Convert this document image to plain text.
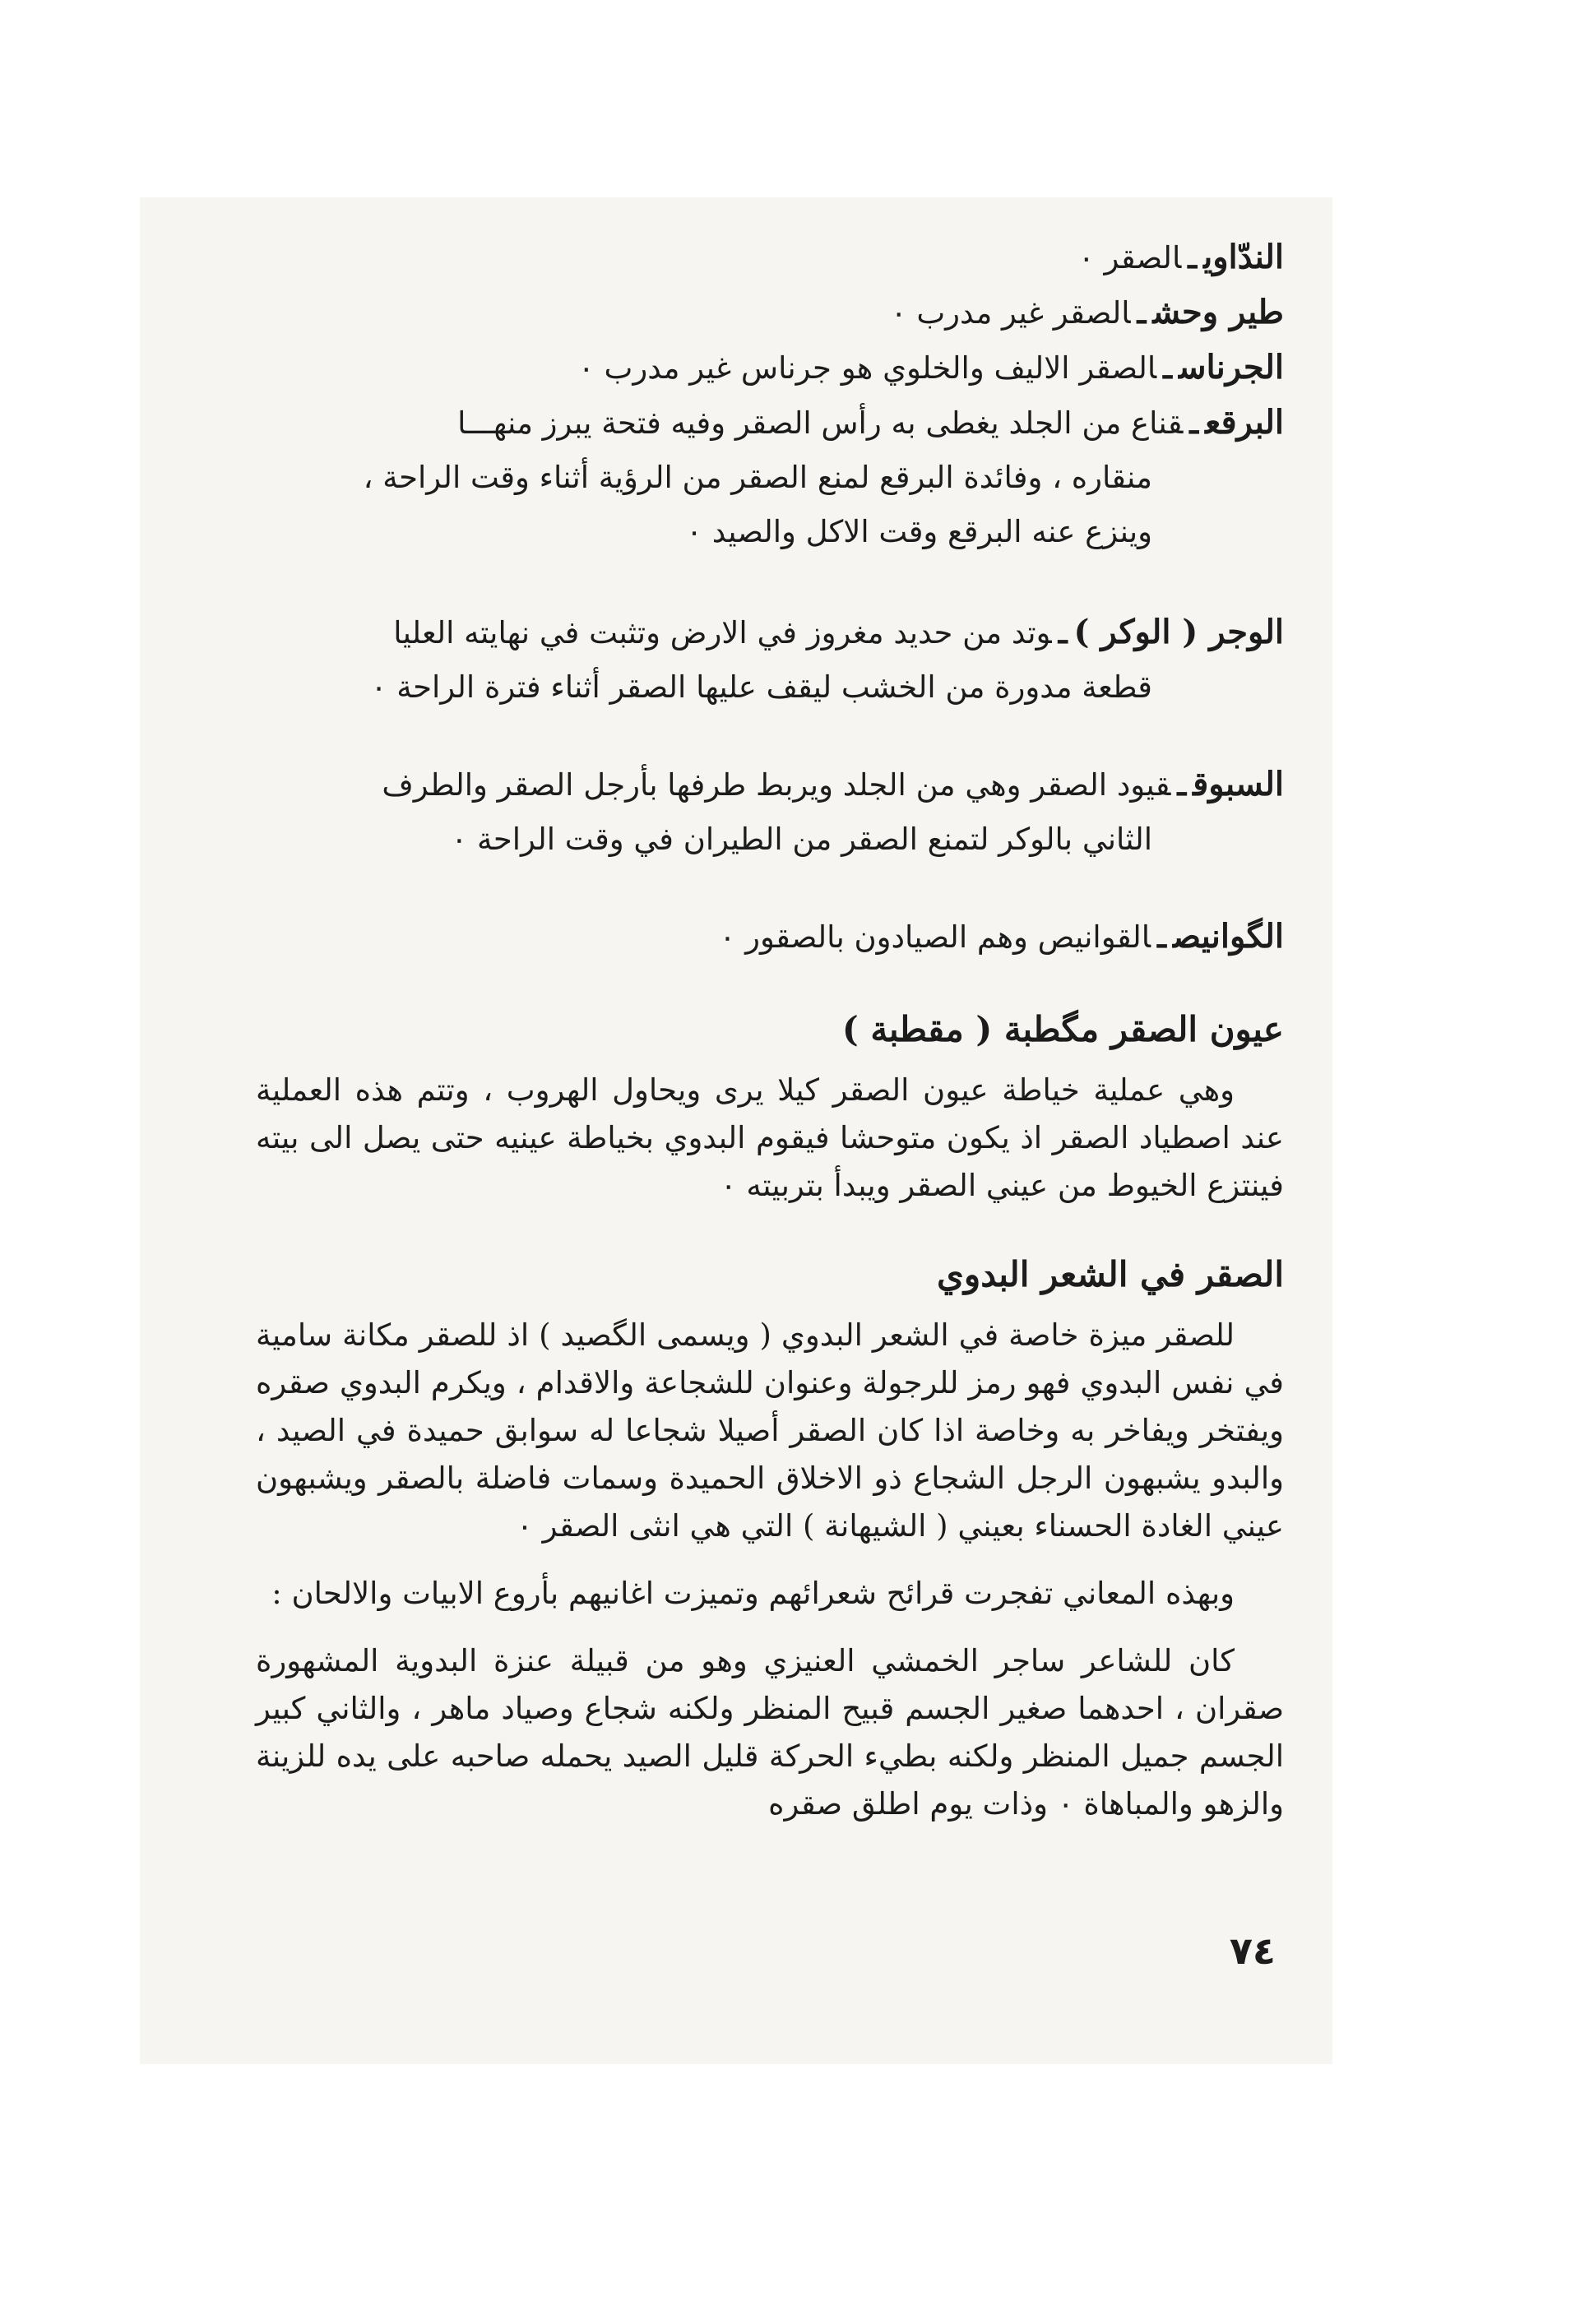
الندّاويـالصقر ٠

طير وحشـالصقر غير مدرب ٠

الجرناسـالصقر الاليف والخلوي هو جرناس غير مدرب ٠

البرقعـقناع من الجلد يغطى به رأس الصقر وفيه فتحة يبرز منهـــا

منقاره ، وفائدة البرقع لمنع الصقر من الرؤية أثناء وقت الراحة ،

وينزع عنه البرقع وقت الاكل والصيد ٠

الوجر ( الوكر )ـوتد من حديد مغروز في الارض وتثبت في نهايته العليا

قطعة مدورة من الخشب ليقف عليها الصقر أثناء فترة الراحة ٠

السبوقـقيود الصقر وهي من الجلد ويربط طرفها بأرجل الصقر والطرف

الثاني بالوكر لتمنع الصقر من الطيران في وقت الراحة ٠

الگوانيصـالقوانيص وهم الصيادون بالصقور ٠

عيون الصقر مگطبة ( مقطبة )

وهي عملية خياطة عيون الصقر كيلا يرى ويحاول الهروب ، وتتم هذه العملية عند اصطياد الصقر اذ يكون متوحشا فيقوم البدوي بخياطة عينيه حتى يصل الى بيته فينتزع الخيوط من عيني الصقر ويبدأ بتربيته ٠

الصقر في الشعر البدوي

للصقر ميزة خاصة في الشعر البدوي ( ويسمى الگصيد ) اذ للصقر مكانة سامية في نفس البدوي فهو رمز للرجولة وعنوان للشجاعة والاقدام ، ويكرم البدوي صقره ويفتخر ويفاخر به وخاصة اذا كان الصقر أصيلا شجاعا له سوابق حميدة في الصيد ، والبدو يشبهون الرجل الشجاع ذو الاخلاق الحميدة وسمات فاضلة بالصقر ويشبهون عيني الغادة الحسناء بعيني ( الشيهانة ) التي هي انثى الصقر ٠

وبهذه المعاني تفجرت قرائح شعرائهم وتميزت اغانيهم بأروع الابيات والالحان :

كان للشاعر ساجر الخمشي العنيزي وهو من قبيلة عنزة البدوية المشهورة صقران ، احدهما صغير الجسم قبيح المنظر ولكنه شجاع وصياد ماهر ، والثاني كبير الجسم جميل المنظر ولكنه بطيء الحركة قليل الصيد يحمله صاحبه على يده للزينة والزهو والمباهاة ٠ وذات يوم اطلق صقره

٧٤
